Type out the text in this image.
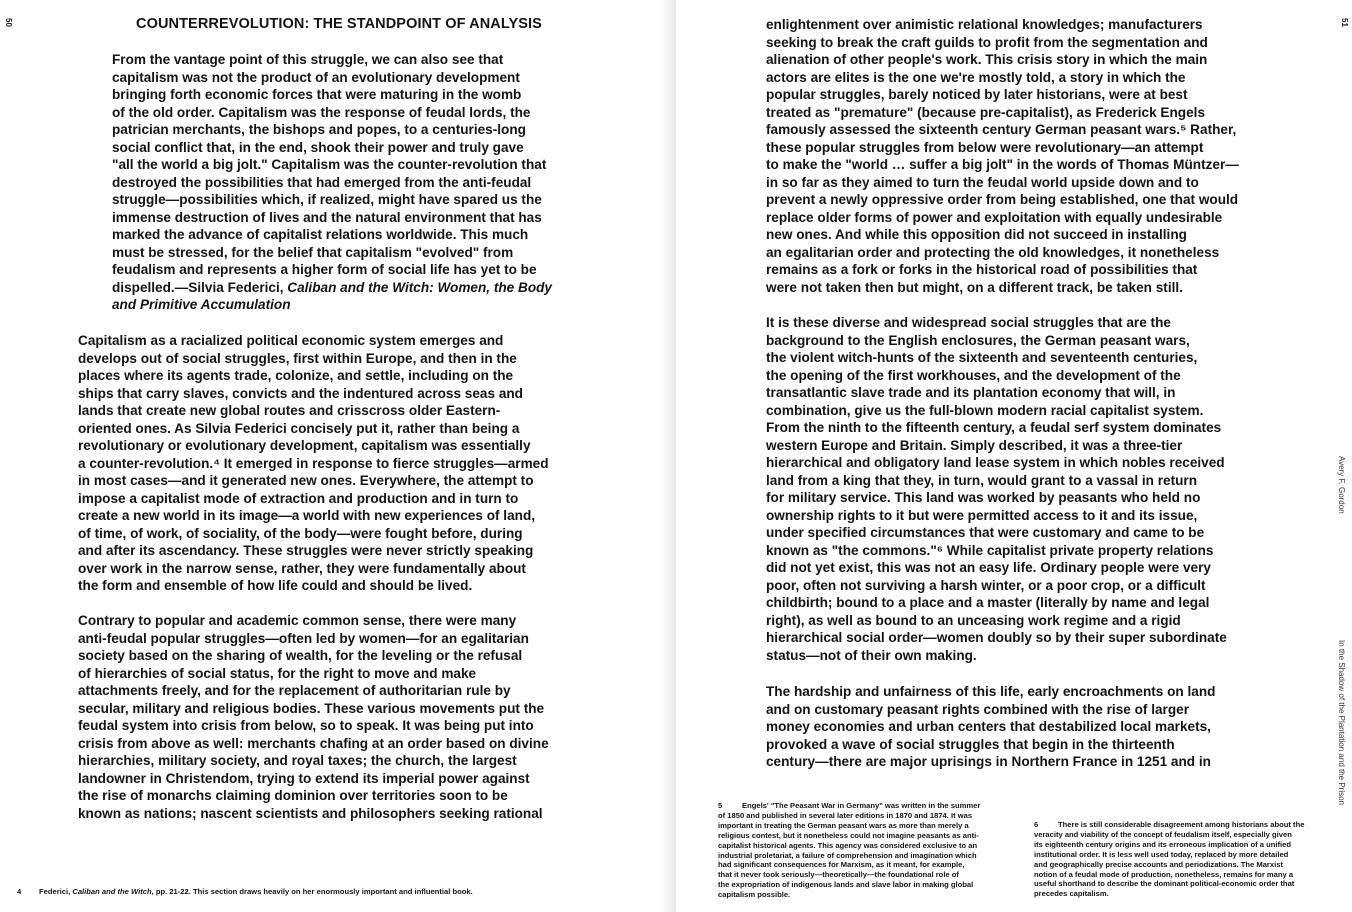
50	COUNTERREVOLUTION: THE STANDPOINT OF ANALYSIS
From the vantage point of this struggle, we can also see that
capitalism was not the product of an evolutionary development
bringing forth economic forces that were maturing in the womb
of the old order. Capitalism was the response of feudal lords, the
patrician merchants, the bishops and popes, to a centuries-long
social conflict that, in the end, shook their power and truly gave
"all the world a big jolt." Capitalism was the counter-revolution that
destroyed the possibilities that had emerged from the anti-feudal
struggle—possibilities which, if realized, might have spared us the
immense destruction of lives and the natural environment that has
marked the advance of capitalist relations worldwide. This much
must be stressed, for the belief that capitalism "evolved" from
feudalism and represents a higher form of social life has yet to be
dispelled.—Silvia Federici, Caliban and the Witch: Women, the Body
and Primitive Accumulation
Capitalism as a racialized political economic system emerges and
develops out of social struggles, first within Europe, and then in the
places where its agents trade, colonize, and settle, including on the
ships that carry slaves, convicts and the indentured across seas and
lands that create new global routes and crisscross older Eastern-
oriented ones. As Silvia Federici concisely put it, rather than being a
revolutionary or evolutionary development, capitalism was essentially
a counter-revolution.⁴ It emerged in response to fierce struggles—armed
in most cases—and it generated new ones. Everywhere, the attempt to
impose a capitalist mode of extraction and production and in turn to
create a new world in its image—a world with new experiences of land,
of time, of work, of sociality, of the body—were fought before, during
and after its ascendancy. These struggles were never strictly speaking
over work in the narrow sense, rather, they were fundamentally about
the form and ensemble of how life could and should be lived.
Contrary to popular and academic common sense, there were many
anti-feudal popular struggles—often led by women—for an egalitarian
society based on the sharing of wealth, for the leveling or the refusal
of hierarchies of social status, for the right to move and make
attachments freely, and for the replacement of authoritarian rule by
secular, military and religious bodies. These various movements put the
feudal system into crisis from below, so to speak. It was being put into
crisis from above as well: merchants chafing at an order based on divine
hierarchies, military society, and royal taxes; the church, the largest
landowner in Christendom, trying to extend its imperial power against
the rise of monarchs claiming dominion over territories soon to be
known as nations; nascent scientists and philosophers seeking rational
4 Federici, Caliban and the Witch, pp. 21-22. This section draws heavily on her enormously important and influential book.
51
Avery F. Gordon
In the Shadow of the Plantation and the Prison
enlightenment over animistic relational knowledges; manufacturers
seeking to break the craft guilds to profit from the segmentation and
alienation of other people's work. This crisis story in which the main
actors are elites is the one we're mostly told, a story in which the
popular struggles, barely noticed by later historians, were at best
treated as "premature" (because pre-capitalist), as Frederick Engels
famously assessed the sixteenth century German peasant wars.⁵ Rather,
these popular struggles from below were revolutionary—an attempt
to make the "world … suffer a big jolt" in the words of Thomas Müntzer—
in so far as they aimed to turn the feudal world upside down and to
prevent a newly oppressive order from being established, one that would
replace older forms of power and exploitation with equally undesirable
new ones. And while this opposition did not succeed in installing
an egalitarian order and protecting the old knowledges, it nonetheless
remains as a fork or forks in the historical road of possibilities that
were not taken then but might, on a different track, be taken still.
It is these diverse and widespread social struggles that are the
background to the English enclosures, the German peasant wars,
the violent witch-hunts of the sixteenth and seventeenth centuries,
the opening of the first workhouses, and the development of the
transatlantic slave trade and its plantation economy that will, in
combination, give us the full-blown modern racial capitalist system.
From the ninth to the fifteenth century, a feudal serf system dominates
western Europe and Britain. Simply described, it was a three-tier
hierarchical and obligatory land lease system in which nobles received
land from a king that they, in turn, would grant to a vassal in return
for military service. This land was worked by peasants who held no
ownership rights to it but were permitted access to it and its issue,
under specified circumstances that were customary and came to be
known as "the commons."⁶ While capitalist private property relations
did not yet exist, this was not an easy life. Ordinary people were very
poor, often not surviving a harsh winter, or a poor crop, or a difficult
childbirth; bound to a place and a master (literally by name and legal
right), as well as bound to an unceasing work regime and a rigid
hierarchical social order—women doubly so by their super subordinate
status—not of their own making.
The hardship and unfairness of this life, early encroachments on land
and on customary peasant rights combined with the rise of larger
money economies and urban centers that destabilized local markets,
provoked a wave of social struggles that begin in the thirteenth
century—there are major uprisings in Northern France in 1251 and in
5	Engels' "The Peasant War in Germany" was written in the summer
of 1850 and published in several later editions in 1870 and 1874. It was
important in treating the German peasant wars as more than merely a
religious contest, but it nonetheless could not imagine peasants as anti-
capitalist historical agents. This agency was considered exclusive to an
industrial proletariat, a failure of comprehension and imagination which
had significant consequences for Marxism, as it meant, for example,
that it never took seriously—theoretically—the foundational role of
the expropriation of indigenous lands and slave labor in making global
capitalism possible.
6	There is still considerable disagreement among historians about the
veracity and viability of the concept of feudalism itself, especially given
its eighteenth century origins and its erroneous implication of a unified
institutional order. It is less well used today, replaced by more detailed
and geographically precise accounts and periodizations. The Marxist
notion of a feudal mode of production, nonetheless, remains for many a
useful shorthand to describe the dominant political-economic order that
precedes capitalism.
